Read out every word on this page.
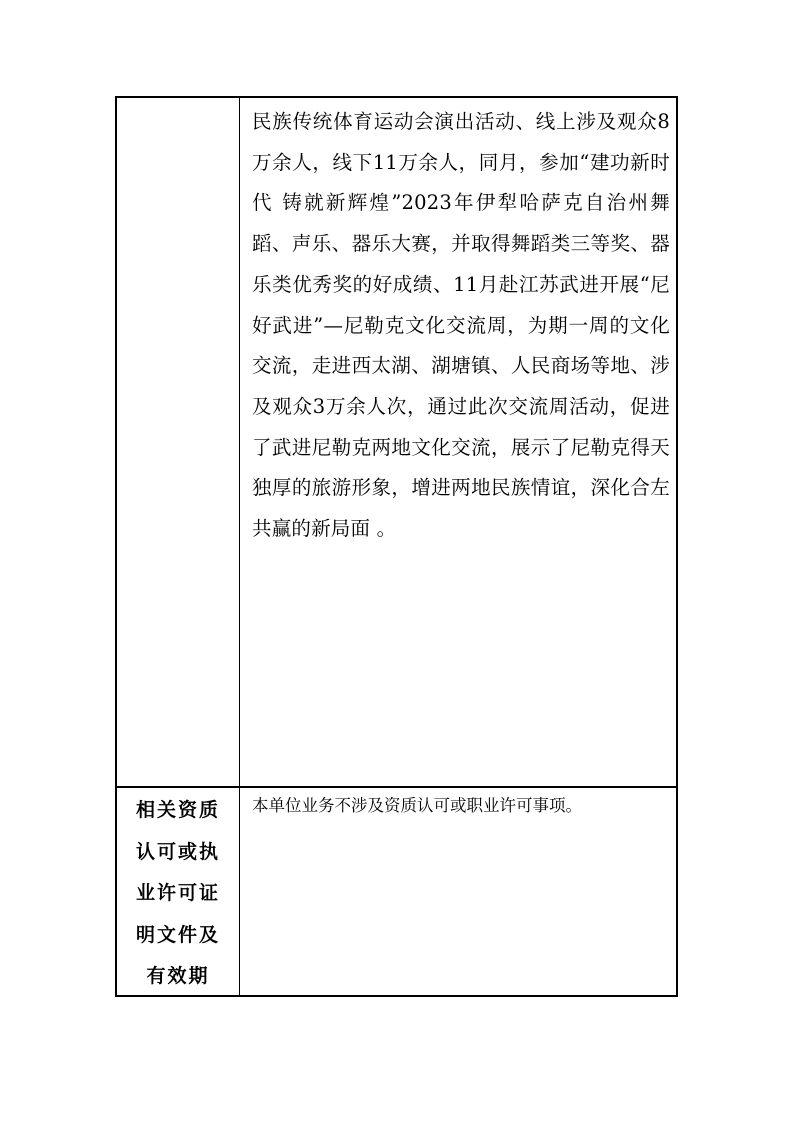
民族传统体育运动会演出活动、线上涉及观众8万余人，线下11万余人，同月，参加“建功新时代 铸就新辉煌”2023年伊犁哈萨克自治州舞蹈、声乐、器乐大赛，并取得舞蹈类三等奖、器乐类优秀奖的好成绩、11月赴江苏武进开展“尼好武进”—尼勒克文化交流周，为期一周的文化交流，走进西太湖、湖塘镇、人民商场等地、涉及观众3万余人次，通过此次交流周活动，促进了武进尼勒克两地文化交流，展示了尼勒克得天独厚的旅游形象，增进两地民族情谊，深化合左共赢的新局面 。

相关资质认可或执业许可证明文件及有效期

本单位业务不涉及资质认可或职业许可事项。
